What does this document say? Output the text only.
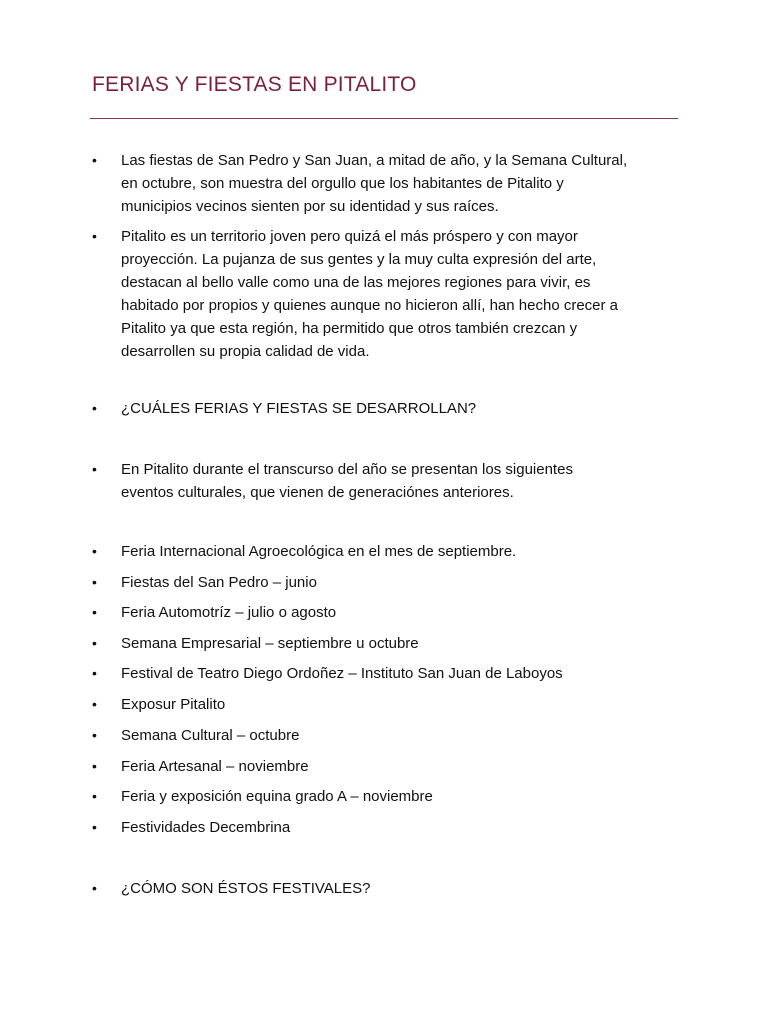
FERIAS Y FIESTAS EN PITALITO
• Las fiestas de San Pedro y San Juan, a mitad de año, y la Semana Cultural,
en octubre, son muestra del orgullo que los habitantes de Pitalito y
municipios vecinos sienten por su identidad y sus raíces.
• Pitalito es un territorio joven pero quizá el más próspero y con mayor
proyección. La pujanza de sus gentes y la muy culta expresión del arte,
destacan al bello valle como una de las mejores regiones para vivir, es
habitado por propios y quienes aunque no hicieron allí, han hecho crecer a
Pitalito ya que esta región, ha permitido que otros también crezcan y
desarrollen su propia calidad de vida.
• ¿CUÁLES FERIAS Y FIESTAS SE DESARROLLAN?
• En Pitalito durante el transcurso del año se presentan los siguientes
eventos culturales, que vienen de generaciónes anteriores.
• Feria Internacional Agroecológica en el mes de septiembre.
• Fiestas del San Pedro – junio
• Feria Automotríz – julio o agosto
• Semana Empresarial – septiembre u octubre
• Festival de Teatro Diego Ordoñez – Instituto San Juan de Laboyos
• Exposur Pitalito
• Semana Cultural – octubre
• Feria Artesanal – noviembre
• Feria y exposición equina grado A – noviembre
• Festividades Decembrina
• ¿CÓMO SON ÉSTOS FESTIVALES?
